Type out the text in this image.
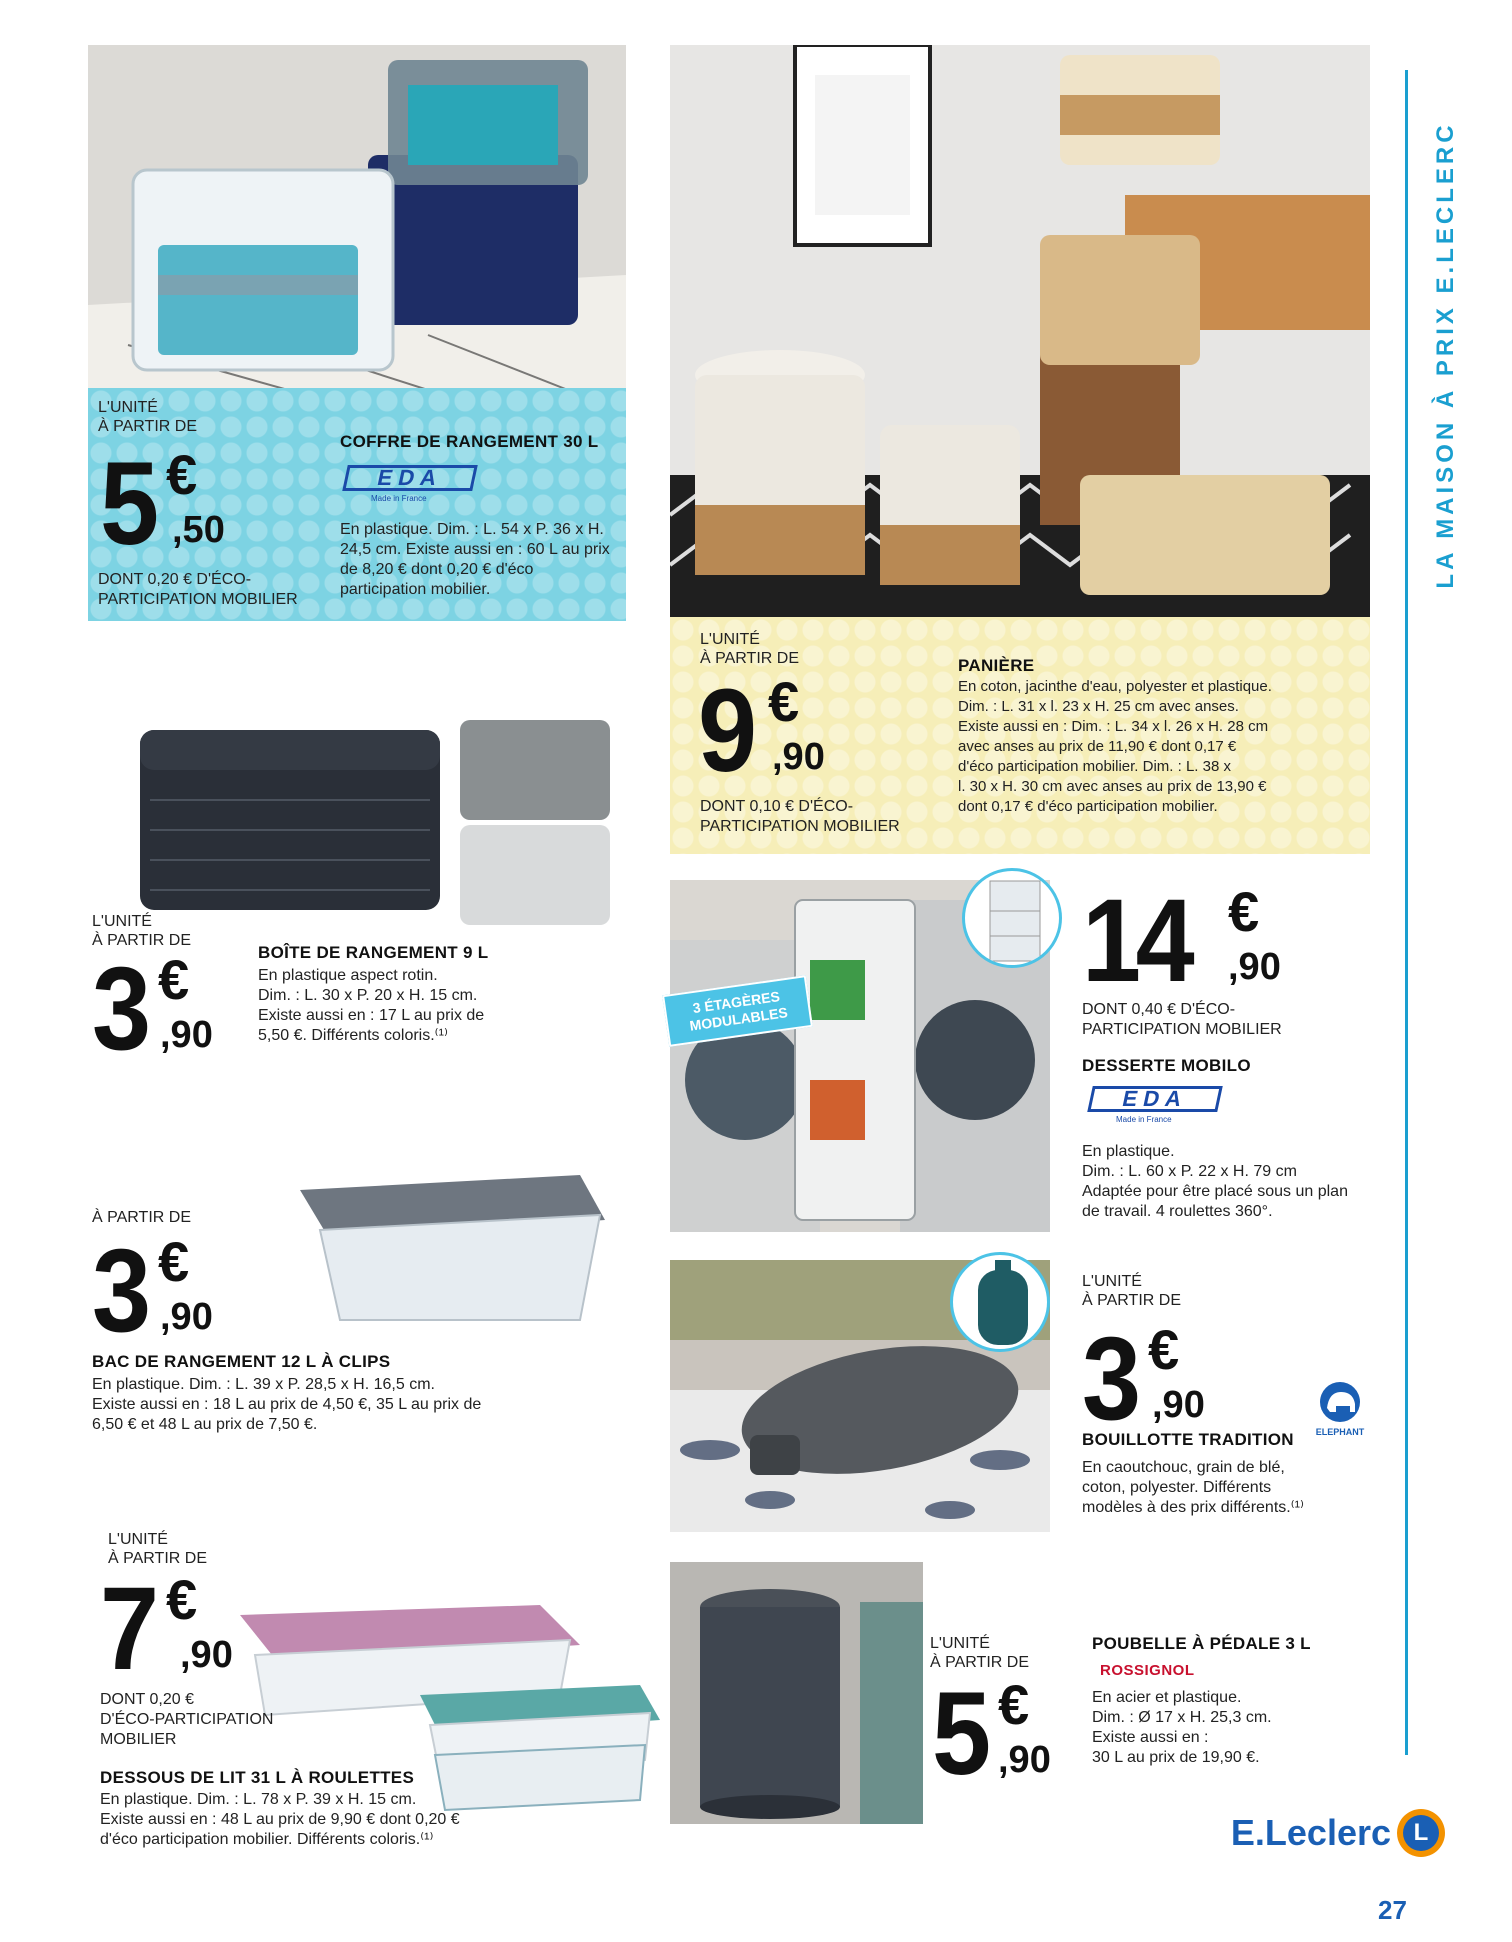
L'UNITÉ
À PARTIR DE
5 €
,50
DONT 0,20 € D'ÉCO-
PARTICIPATION MOBILIER
COFFRE DE RANGEMENT 30 L
EDA
Made in France
En plastique. Dim. : L. 54 x P. 36 x H. 24,5 cm. Existe aussi en : 60 L au prix de 8,20 € dont 0,20 € d'éco participation mobilier.
L'UNITÉ
À PARTIR DE
3 €
,90
BOÎTE DE RANGEMENT 9 L
En plastique aspect rotin.
Dim. : L. 30 x P. 20 x H. 15 cm.
Existe aussi en : 17 L au prix de
5,50 €. Différents coloris.⁽¹⁾
À PARTIR DE
3 €
,90
BAC DE RANGEMENT 12 L À CLIPS
En plastique. Dim. : L. 39 x P. 28,5 x H. 16,5 cm.
Existe aussi en : 18 L au prix de 4,50 €, 35 L au prix de
6,50 € et 48 L au prix de 7,50 €.
L'UNITÉ
À PARTIR DE
7 €
,90
DONT 0,20 €
D'ÉCO-PARTICIPATION
MOBILIER
DESSOUS DE LIT 31 L À ROULETTES
En plastique. Dim. : L. 78 x P. 39 x H. 15 cm.
Existe aussi en : 48 L au prix de 9,90 € dont 0,20 €
d'éco participation mobilier. Différents coloris.⁽¹⁾
L'UNITÉ
À PARTIR DE
9 €
,90
DONT 0,10 € D'ÉCO-
PARTICIPATION MOBILIER
PANIÈRE
En coton, jacinthe d'eau, polyester et plastique.
Dim. : L. 31 x l. 23 x H. 25 cm avec anses.
Existe aussi en : Dim. : L. 34 x l. 26 x H. 28 cm
avec anses au prix de 11,90 € dont 0,17 €
d'éco participation mobilier. Dim. : L. 38 x
l. 30 x H. 30 cm avec anses au prix de 13,90 €
dont 0,17 € d'éco participation mobilier.
3 ÉTAGÈRES
MODULABLES
14 €
,90
DONT 0,40 € D'ÉCO-
PARTICIPATION MOBILIER
DESSERTE MOBILO
EDA
Made in France
En plastique.
Dim. : L. 60 x P. 22 x H. 79 cm
Adaptée pour être placé sous un plan
de travail. 4 roulettes 360°.
L'UNITÉ
À PARTIR DE
3 €
,90
ELEPHANT
BOUILLOTTE TRADITION
En caoutchouc, grain de blé,
coton, polyester. Différents
modèles à des prix différents.⁽¹⁾
L'UNITÉ
À PARTIR DE
5 €
,90
POUBELLE À PÉDALE 3 L
ROSSIGNOL
En acier et plastique.
Dim. : Ø 17 x H. 25,3 cm.
Existe aussi en :
30 L au prix de 19,90 €.
LA MAISON À PRIX E.LECLERC
E.Leclerc L
27
